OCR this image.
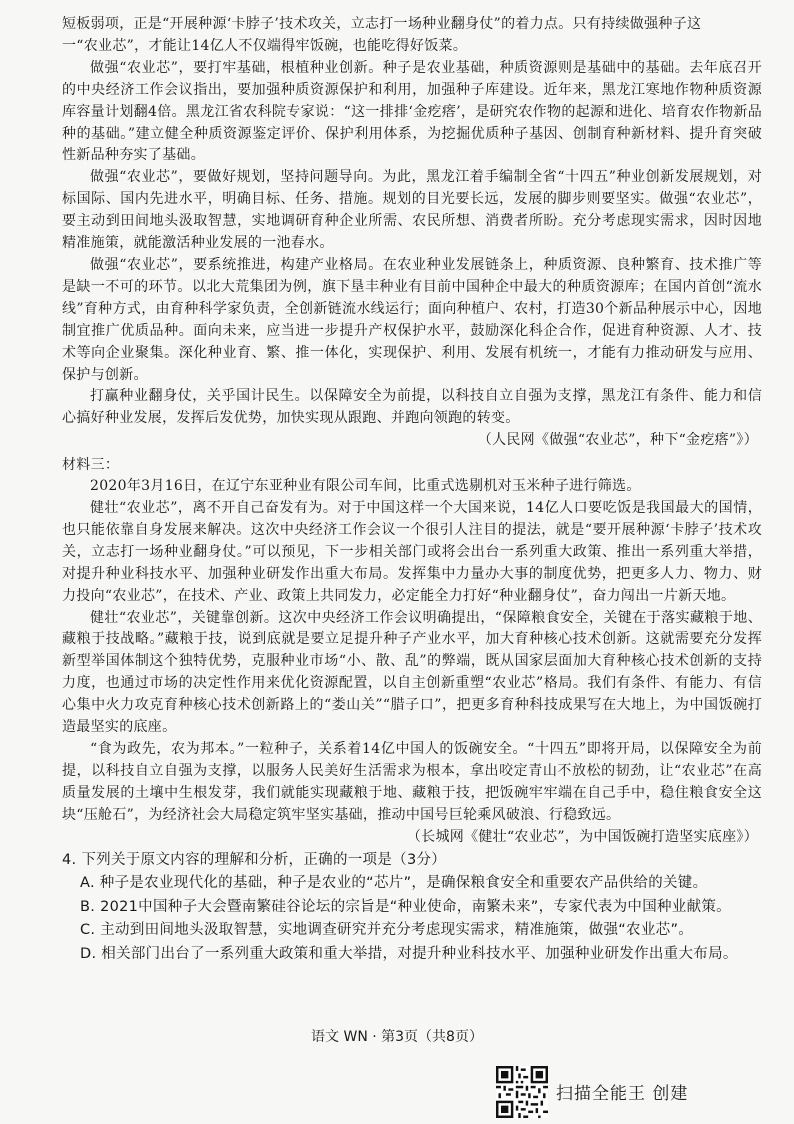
短板弱项，正是“开展种源‘卡脖子’技术攻关，立志打一场种业翻身仗”的着力点。只有持续做强种子这

一“农业芯”，才能让14亿人不仅端得牢饭碗，也能吃得好饭菜。

做强“农业芯”，要打牢基础，根植种业创新。种子是农业基础，种质资源则是基础中的基础。去年底召开的中央经济工作会议指出，要加强种质资源保护和利用，加强种子库建设。近年来，黑龙江寒地作物种质资源库容量计划翻4倍。黑龙江省农科院专家说：“这一排排‘金疙瘩’，是研究农作物的起源和进化、培育农作物新品种的基础。”建立健全种质资源鉴定评价、保护利用体系，为挖掘优质种子基因、创制育种新材料、提升育突破性新品种夯实了基础。

做强“农业芯”，要做好规划，坚持问题导向。为此，黑龙江着手编制全省“十四五”种业创新发展规划，对标国际、国内先进水平，明确目标、任务、措施。规划的目光要长远，发展的脚步则要坚实。做强“农业芯”，要主动到田间地头汲取智慧，实地调研育种企业所需、农民所想、消费者所盼。充分考虑现实需求，因时因地精准施策，就能激活种业发展的一池春水。

做强“农业芯”，要系统推进，构建产业格局。在农业种业发展链条上，种质资源、良种繁育、技术推广等是缺一不可的环节。以北大荒集团为例，旗下垦丰种业有目前中国种企中最大的种质资源库；在国内首创“流水线”育种方式，由育种科学家负责，全创新链流水线运行；面向种植户、农村，打造30个新品种展示中心，因地制宜推广优质品种。面向未来，应当进一步提升产权保护水平，鼓励深化科企合作，促进育种资源、人才、技术等向企业聚集。深化种业育、繁、推一体化，实现保护、利用、发展有机统一，才能有力推动研发与应用、保护与创新。

打赢种业翻身仗，关乎国计民生。以保障安全为前提，以科技自立自强为支撑，黑龙江有条件、能力和信心搞好种业发展，发挥后发优势，加快实现从跟跑、并跑向领跑的转变。

（人民网《做强“农业芯”，种下“金疙瘩”》）

材料三：

2020年3月16日，在辽宁东亚种业有限公司车间，比重式选剔机对玉米种子进行筛选。

健壮“农业芯”，离不开自己奋发有为。对于中国这样一个大国来说，14亿人口要吃饭是我国最大的国情，也只能依靠自身发展来解决。这次中央经济工作会议一个很引人注目的提法，就是“要开展种源‘卡脖子’技术攻关，立志打一场种业翻身仗。”可以预见，下一步相关部门或将会出台一系列重大政策、推出一系列重大举措，对提升种业科技水平、加强种业研发作出重大布局。发挥集中力量办大事的制度优势，把更多人力、物力、财力投向“农业芯”，在技术、产业、政策上共同发力，必定能全力打好“种业翻身仗”，奋力闯出一片新天地。

健壮“农业芯”，关键靠创新。这次中央经济工作会议明确提出，“保障粮食安全，关键在于落实藏粮于地、藏粮于技战略。”藏粮于技，说到底就是要立足提升种子产业水平，加大育种核心技术创新。这就需要充分发挥新型举国体制这个独特优势，克服种业市场“小、散、乱”的弊端，既从国家层面加大育种核心技术创新的支持力度，也通过市场的决定性作用来优化资源配置，以自主创新重塑“农业芯”格局。我们有条件、有能力、有信心集中火力攻克育种核心技术创新路上的“娄山关”“腊子口”，把更多育种科技成果写在大地上，为中国饭碗打造最坚实的底座。

“食为政先，农为邦本。”一粒种子，关系着14亿中国人的饭碗安全。“十四五”即将开局，以保障安全为前提，以科技自立自强为支撑，以服务人民美好生活需求为根本，拿出咬定青山不放松的韧劲，让“农业芯”在高质量发展的土壤中生根发芽，我们就能实现藏粮于地、藏粮于技，把饭碗牢牢端在自己手中，稳住粮食安全这块“压舱石”，为经济社会大局稳定筑牢坚实基础，推动中国号巨轮乘风破浪、行稳致远。

（长城网《健壮“农业芯”，为中国饭碗打造坚实底座》）

4. 下列关于原文内容的理解和分析，正确的一项是（3分）

A. 种子是农业现代化的基础，种子是农业的“芯片”，是确保粮食安全和重要农产品供给的关键。

B. 2021中国种子大会暨南繁硅谷论坛的宗旨是“种业使命，南繁未来”，专家代表为中国种业献策。

C. 主动到田间地头汲取智慧，实地调查研究并充分考虑现实需求，精准施策，做强“农业芯”。

D. 相关部门出台了一系列重大政策和重大举措，对提升种业科技水平、加强种业研发作出重大布局。

语文 WN · 第3页（共8页）
扫描全能王 创建
